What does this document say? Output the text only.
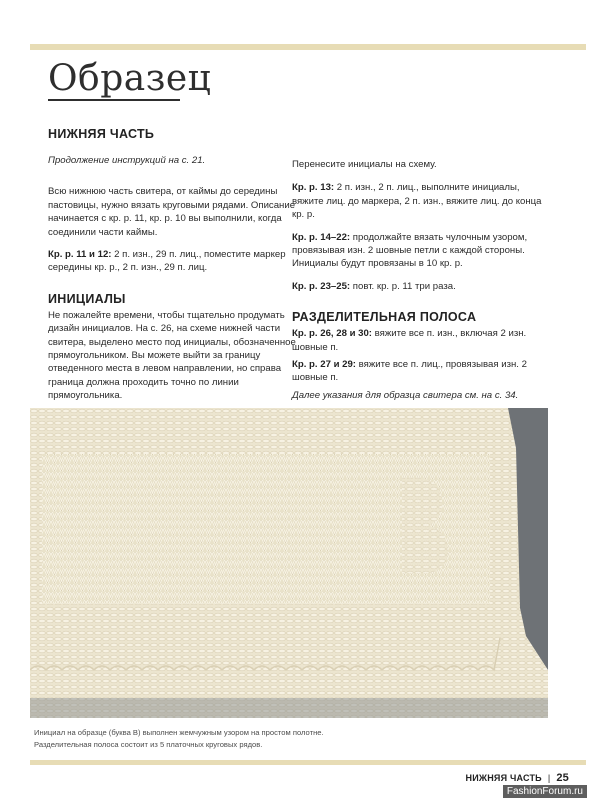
Образец
НИЖНЯЯ ЧАСТЬ

Продолжение инструкций на с. 21.

Всю нижнюю часть свитера, от каймы до середины пастовицы, нужно вязать круговыми рядами. Описание начинается с кр. р. 11, кр. р. 10 вы выполнили, когда соединили части каймы.

Кр. р. 11 и 12: 2 п. изн., 29 п. лиц., поместите маркер середины кр. р., 2 п. изн., 29 п. лиц.

ИНИЦИАЛЫ

Не пожалейте времени, чтобы тщательно продумать дизайн инициалов. На с. 26, на схеме нижней части свитера, выделено место под инициалы, обозначенное прямоугольником. Вы можете выйти за границу отведенного места в левом направлении, но справа граница должна проходить точно по линии прямоугольника.

Перенесите инициалы на схему.

Кр. р. 13: 2 п. изн., 2 п. лиц., выполните инициалы, вяжите лиц. до маркера, 2 п. изн., вяжите лиц. до конца кр. р.

Кр. р. 14–22: продолжайте вязать чулочным узором, провязывая изн. 2 шовные петли с каждой стороны. Инициалы будут провязаны в 10 кр. р.

Кр. р. 23–25: повт. кр. р. 11 три раза.

РАЗДЕЛИТЕЛЬНАЯ ПОЛОСА

Кр. р. 26, 28 и 30: вяжите все п. изн., включая 2 изн. шовные п.

Кр. р. 27 и 29: вяжите все п. лиц., провязывая изн. 2 шовные п.

Далее указания для образца свитера см. на с. 34.

Инициал на образце (буква В) выполнен жемчужным узором на простом полотне.
Разделительная полоса состоит из 5 платочных круговых рядов.
НИЖНЯЯ ЧАСТЬ | 25
FashionForum.ru
